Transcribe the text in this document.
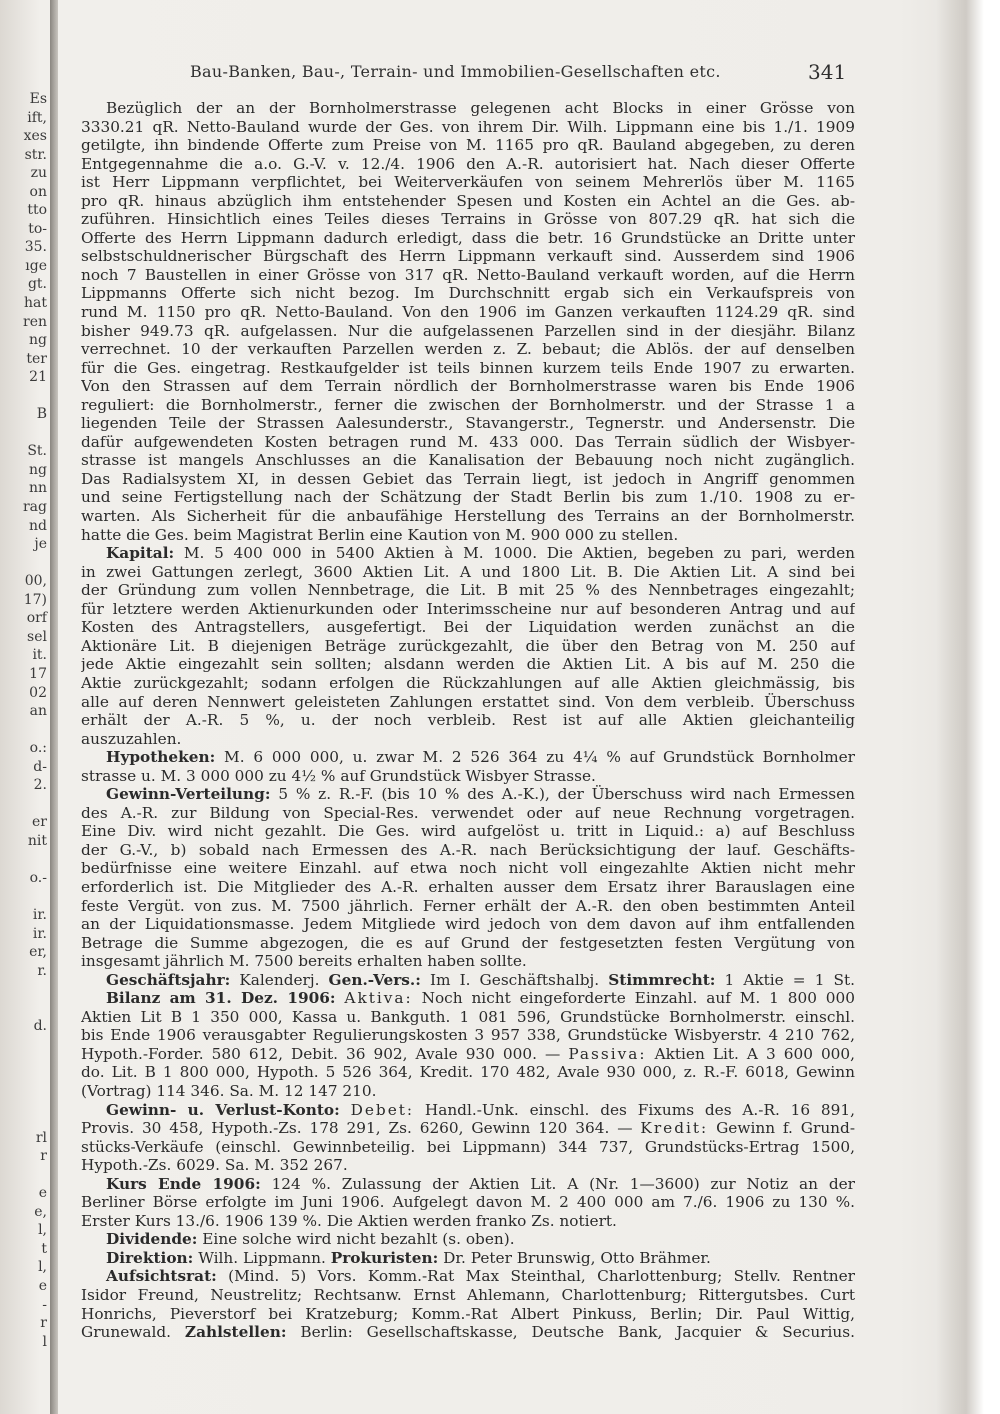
Es
ift,
xes
str.
zu
on
tto
to-
35.
ıge
gt.
hat
ren
ng
ter
21
B
St.
ng
nn
rag
nd
je
00,
17)
orf
sel
it.
17
02
an
o.:
d-
2.
er
nit
o.-
ir.
ir.
er,
r.
d.
rl
r
e
e,
l,
t
l,
e
-
r
l
Bau-Banken, Bau-, Terrain- und Immobilien-Gesellschaften etc.	341
Bezüglich der an der Bornholmerstrasse gelegenen acht Blocks in einer Grösse von
3330.21 qR. Netto-Bauland wurde der Ges. von ihrem Dir. Wilh. Lippmann eine bis 1./1. 1909
getilgte, ihn bindende Offerte zum Preise von M. 1165 pro qR. Bauland abgegeben, zu deren
Entgegennahme die a.o. G.-V. v. 12./4. 1906 den A.-R. autorisiert hat. Nach dieser Offerte
ist Herr Lippmann verpflichtet, bei Weiterverkäufen von seinem Mehrerlös über M. 1165
pro qR. hinaus abzüglich ihm entstehender Spesen und Kosten ein Achtel an die Ges. ab-
zuführen. Hinsichtlich eines Teiles dieses Terrains in Grösse von 807.29 qR. hat sich die
Offerte des Herrn Lippmann dadurch erledigt, dass die betr. 16 Grundstücke an Dritte unter
selbstschuldnerischer Bürgschaft des Herrn Lippmann verkauft sind. Ausserdem sind 1906
noch 7 Baustellen in einer Grösse von 317 qR. Netto-Bauland verkauft worden, auf die Herrn
Lippmanns Offerte sich nicht bezog. Im Durchschnitt ergab sich ein Verkaufspreis von
rund M. 1150 pro qR. Netto-Bauland. Von den 1906 im Ganzen verkauften 1124.29 qR. sind
bisher 949.73 qR. aufgelassen. Nur die aufgelassenen Parzellen sind in der diesjähr. Bilanz
verrechnet. 10 der verkauften Parzellen werden z. Z. bebaut; die Ablös. der auf denselben
für die Ges. eingetrag. Restkaufgelder ist teils binnen kurzem teils Ende 1907 zu erwarten.
Von den Strassen auf dem Terrain nördlich der Bornholmerstrasse waren bis Ende 1906
reguliert: die Bornholmerstr., ferner die zwischen der Bornholmerstr. und der Strasse 1 a
liegenden Teile der Strassen Aalesunderstr., Stavangerstr., Tegnerstr. und Andersenstr. Die
dafür aufgewendeten Kosten betragen rund M. 433 000. Das Terrain südlich der Wisbyer-
strasse ist mangels Anschlusses an die Kanalisation der Bebauung noch nicht zugänglich.
Das Radialsystem XI, in dessen Gebiet das Terrain liegt, ist jedoch in Angriff genommen
und seine Fertigstellung nach der Schätzung der Stadt Berlin bis zum 1./10. 1908 zu er-
warten. Als Sicherheit für die anbaufähige Herstellung des Terrains an der Bornholmerstr.
hatte die Ges. beim Magistrat Berlin eine Kaution von M. 900 000 zu stellen.
Kapital: M. 5 400 000 in 5400 Aktien à M. 1000. Die Aktien, begeben zu pari, werden
in zwei Gattungen zerlegt, 3600 Aktien Lit. A und 1800 Lit. B. Die Aktien Lit. A sind bei
der Gründung zum vollen Nennbetrage, die Lit. B mit 25 % des Nennbetrages eingezahlt;
für letztere werden Aktienurkunden oder Interimsscheine nur auf besonderen Antrag und auf
Kosten des Antragstellers, ausgefertigt. Bei der Liquidation werden zunächst an die
Aktionäre Lit. B diejenigen Beträge zurückgezahlt, die über den Betrag von M. 250 auf
jede Aktie eingezahlt sein sollten; alsdann werden die Aktien Lit. A bis auf M. 250 die
Aktie zurückgezahlt; sodann erfolgen die Rückzahlungen auf alle Aktien gleichmässig, bis
alle auf deren Nennwert geleisteten Zahlungen erstattet sind. Von dem verbleib. Überschuss
erhält der A.-R. 5 %, u. der noch verbleib. Rest ist auf alle Aktien gleichanteilig
auszuzahlen.
Hypotheken: M. 6 000 000, u. zwar M. 2 526 364 zu 4¼ % auf Grundstück Bornholmer
strasse u. M. 3 000 000 zu 4½ % auf Grundstück Wisbyer Strasse.
Gewinn-Verteilung: 5 % z. R.-F. (bis 10 % des A.-K.), der Überschuss wird nach Ermessen
des A.-R. zur Bildung von Special-Res. verwendet oder auf neue Rechnung vorgetragen.
Eine Div. wird nicht gezahlt. Die Ges. wird aufgelöst u. tritt in Liquid.: a) auf Beschluss
der G.-V., b) sobald nach Ermessen des A.-R. nach Berücksichtigung der lauf. Geschäfts-
bedürfnisse eine weitere Einzahl. auf etwa noch nicht voll eingezahlte Aktien nicht mehr
erforderlich ist. Die Mitglieder des A.-R. erhalten ausser dem Ersatz ihrer Barauslagen eine
feste Vergüt. von zus. M. 7500 jährlich. Ferner erhält der A.-R. den oben bestimmten Anteil
an der Liquidationsmasse. Jedem Mitgliede wird jedoch von dem davon auf ihm entfallenden
Betrage die Summe abgezogen, die es auf Grund der festgesetzten festen Vergütung von
insgesamt jährlich M. 7500 bereits erhalten haben sollte.
Geschäftsjahr: Kalenderj. Gen.-Vers.: Im I. Geschäftshalbj. Stimmrecht: 1 Aktie = 1 St.
Bilanz am 31. Dez. 1906: Aktiva: Noch nicht eingeforderte Einzahl. auf M. 1 800 000
Aktien Lit B 1 350 000, Kassa u. Bankguth. 1 081 596, Grundstücke Bornholmerstr. einschl.
bis Ende 1906 verausgabter Regulierungskosten 3 957 338, Grundstücke Wisbyerstr. 4 210 762,
Hypoth.-Forder. 580 612, Debit. 36 902, Avale 930 000. — Passiva: Aktien Lit. A 3 600 000,
do. Lit. B 1 800 000, Hypoth. 5 526 364, Kredit. 170 482, Avale 930 000, z. R.-F. 6018, Gewinn
(Vortrag) 114 346. Sa. M. 12 147 210.
Gewinn- u. Verlust-Konto: Debet: Handl.-Unk. einschl. des Fixums des A.-R. 16 891,
Provis. 30 458, Hypoth.-Zs. 178 291, Zs. 6260, Gewinn 120 364. — Kredit: Gewinn f. Grund-
stücks-Verkäufe (einschl. Gewinnbeteilig. bei Lippmann) 344 737, Grundstücks-Ertrag 1500,
Hypoth.-Zs. 6029. Sa. M. 352 267.
Kurs Ende 1906: 124 %. Zulassung der Aktien Lit. A (Nr. 1—3600) zur Notiz an der
Berliner Börse erfolgte im Juni 1906. Aufgelegt davon M. 2 400 000 am 7./6. 1906 zu 130 %.
Erster Kurs 13./6. 1906 139 %. Die Aktien werden franko Zs. notiert.
Dividende: Eine solche wird nicht bezahlt (s. oben).
Direktion: Wilh. Lippmann. Prokuristen: Dr. Peter Brunswig, Otto Brähmer.
Aufsichtsrat: (Mind. 5) Vors. Komm.-Rat Max Steinthal, Charlottenburg; Stellv. Rentner
Isidor Freund, Neustrelitz; Rechtsanw. Ernst Ahlemann, Charlottenburg; Rittergutsbes. Curt
Honrichs, Pieverstorf bei Kratzeburg; Komm.-Rat Albert Pinkuss, Berlin; Dir. Paul Wittig,
Grunewald. Zahlstellen: Berlin: Gesellschaftskasse, Deutsche Bank, Jacquier & Securius.
